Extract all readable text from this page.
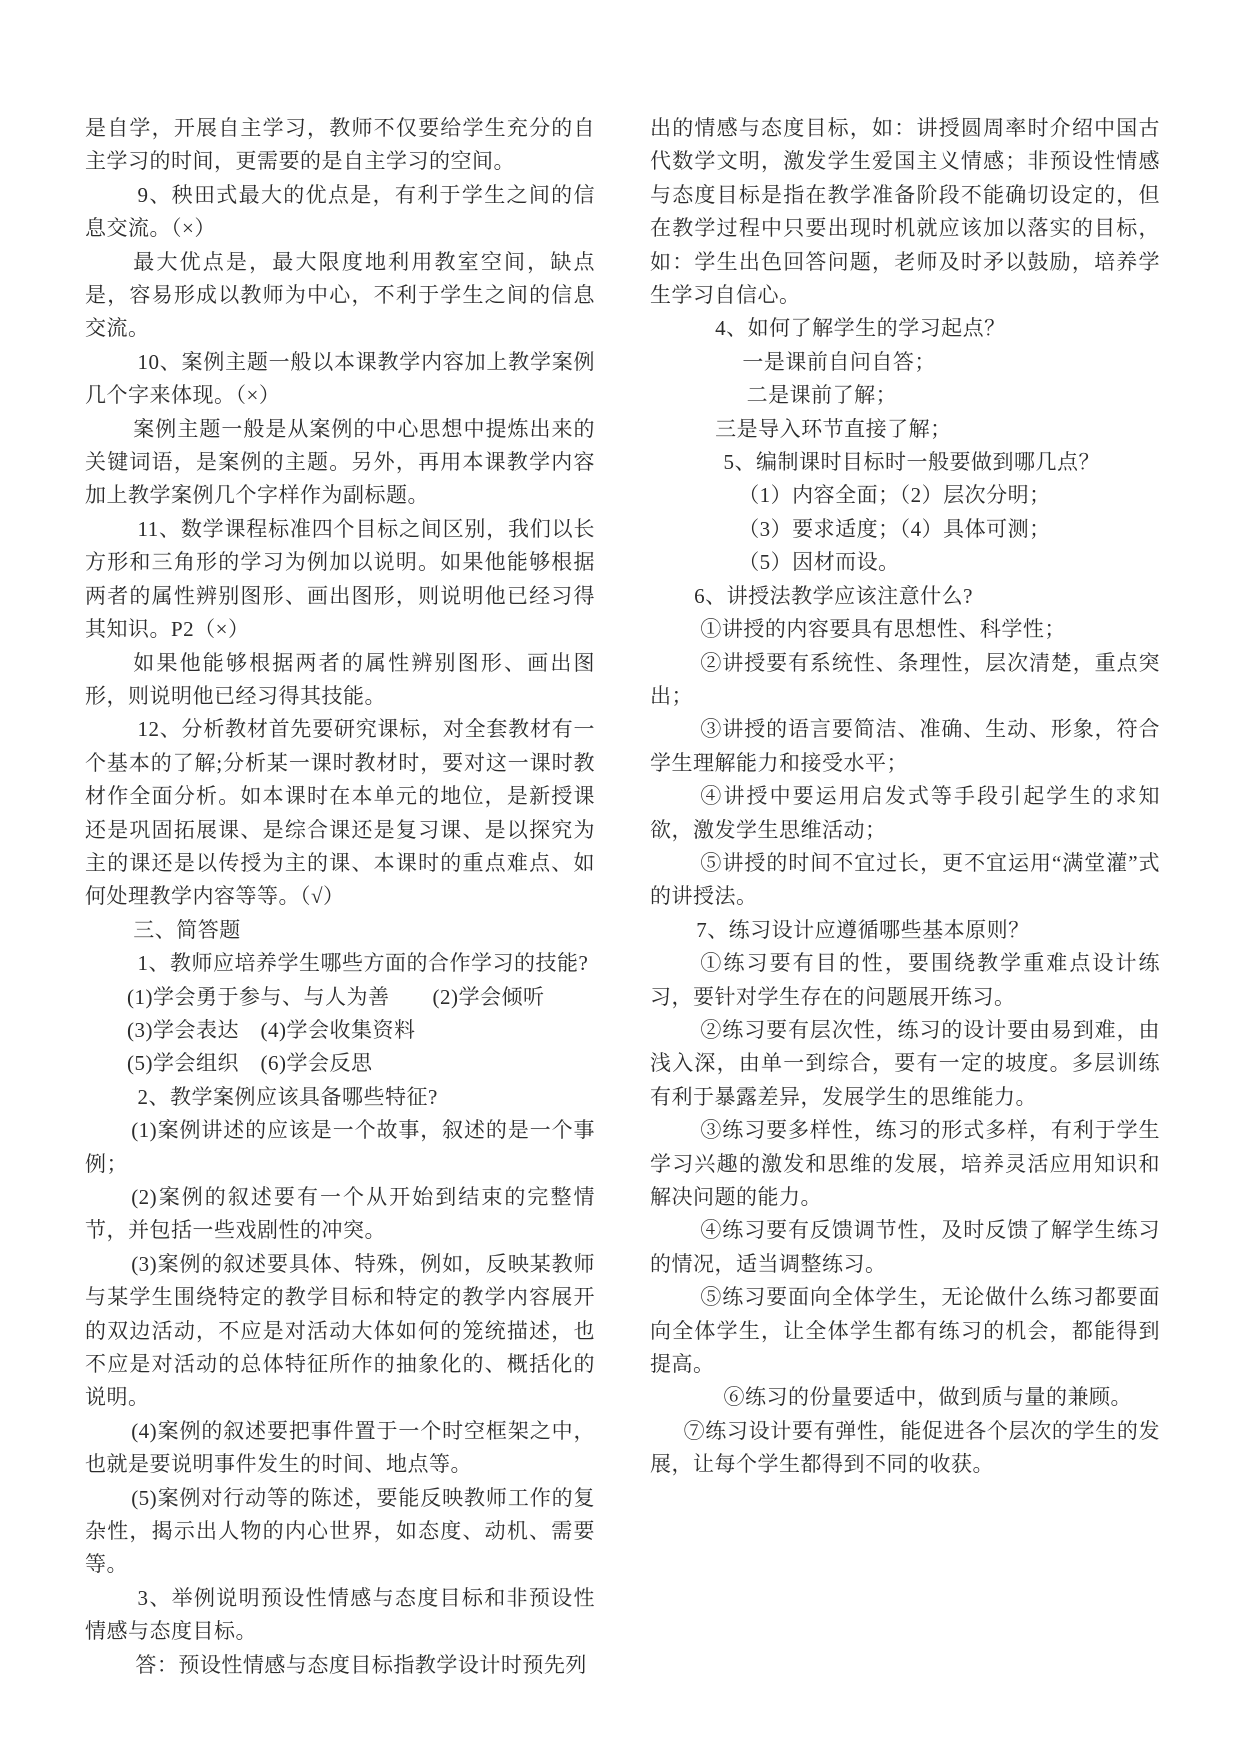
是自学，开展自主学习，教师不仅要给学生充分的自主学习的时间，更需要的是自主学习的空间。

9、秧田式最大的优点是，有利于学生之间的信息交流。（×）

最大优点是，最大限度地利用教室空间，缺点是，容易形成以教师为中心，不利于学生之间的信息交流。

10、案例主题一般以本课教学内容加上教学案例几个字来体现。（×）

案例主题一般是从案例的中心思想中提炼出来的关键词语，是案例的主题。另外，再用本课教学内容加上教学案例几个字样作为副标题。

11、数学课程标准四个目标之间区别，我们以长方形和三角形的学习为例加以说明。如果他能够根据两者的属性辨别图形、画出图形，则说明他已经习得其知识。P2（×）

如果他能够根据两者的属性辨别图形、画出图形，则说明他已经习得其技能。

12、分析教材首先要研究课标，对全套教材有一个基本的了解;分析某一课时教材时，要对这一课时教材作全面分析。如本课时在本单元的地位，是新授课还是巩固拓展课、是综合课还是复习课、是以探究为主的课还是以传授为主的课、本课时的重点难点、如何处理教学内容等等。（√）

三、简答题

1、教师应培养学生哪些方面的合作学习的技能?

(1)学会勇于参与、与人为善　　(2)学会倾听

(3)学会表达　(4)学会收集资料

(5)学会组织　(6)学会反思

2、教学案例应该具备哪些特征?

(1)案例讲述的应该是一个故事，叙述的是一个事例；

(2)案例的叙述要有一个从开始到结束的完整情节，并包括一些戏剧性的冲突。

(3)案例的叙述要具体、特殊，例如，反映某教师与某学生围绕特定的教学目标和特定的教学内容展开的双边活动，不应是对活动大体如何的笼统描述，也不应是对活动的总体特征所作的抽象化的、概括化的说明。

(4)案例的叙述要把事件置于一个时空框架之中，也就是要说明事件发生的时间、地点等。

(5)案例对行动等的陈述，要能反映教师工作的复杂性，揭示出人物的内心世界，如态度、动机、需要等。

3、举例说明预设性情感与态度目标和非预设性情感与态度目标。

答：预设性情感与态度目标指教学设计时预先列

出的情感与态度目标，如：讲授圆周率时介绍中国古代数学文明，激发学生爱国主义情感；非预设性情感与态度目标是指在教学准备阶段不能确切设定的，但在教学过程中只要出现时机就应该加以落实的目标，如：学生出色回答问题，老师及时矛以鼓励，培养学生学习自信心。

4、如何了解学生的学习起点？

一是课前自问自答；

二是课前了解；

三是导入环节直接了解；

5、编制课时目标时一般要做到哪几点？

（1）内容全面；（2）层次分明；

（3）要求适度；（4）具体可测；

（5）因材而设。

6、讲授法教学应该注意什么?

①讲授的内容要具有思想性、科学性；

②讲授要有系统性、条理性，层次清楚，重点突出；

③讲授的语言要简洁、准确、生动、形象，符合学生理解能力和接受水平；

④讲授中要运用启发式等手段引起学生的求知欲，激发学生思维活动；

⑤讲授的时间不宜过长，更不宜运用“满堂灌”式的讲授法。

7、练习设计应遵循哪些基本原则？

①练习要有目的性，要围绕教学重难点设计练习，要针对学生存在的问题展开练习。

②练习要有层次性，练习的设计要由易到难，由浅入深，由单一到综合，要有一定的坡度。多层训练有利于暴露差异，发展学生的思维能力。

③练习要多样性，练习的形式多样，有利于学生学习兴趣的激发和思维的发展，培养灵活应用知识和解决问题的能力。

④练习要有反馈调节性，及时反馈了解学生练习的情况，适当调整练习。

⑤练习要面向全体学生，无论做什么练习都要面向全体学生，让全体学生都有练习的机会，都能得到提高。

⑥练习的份量要适中，做到质与量的兼顾。

⑦练习设计要有弹性，能促进各个层次的学生的发展，让每个学生都得到不同的收获。
